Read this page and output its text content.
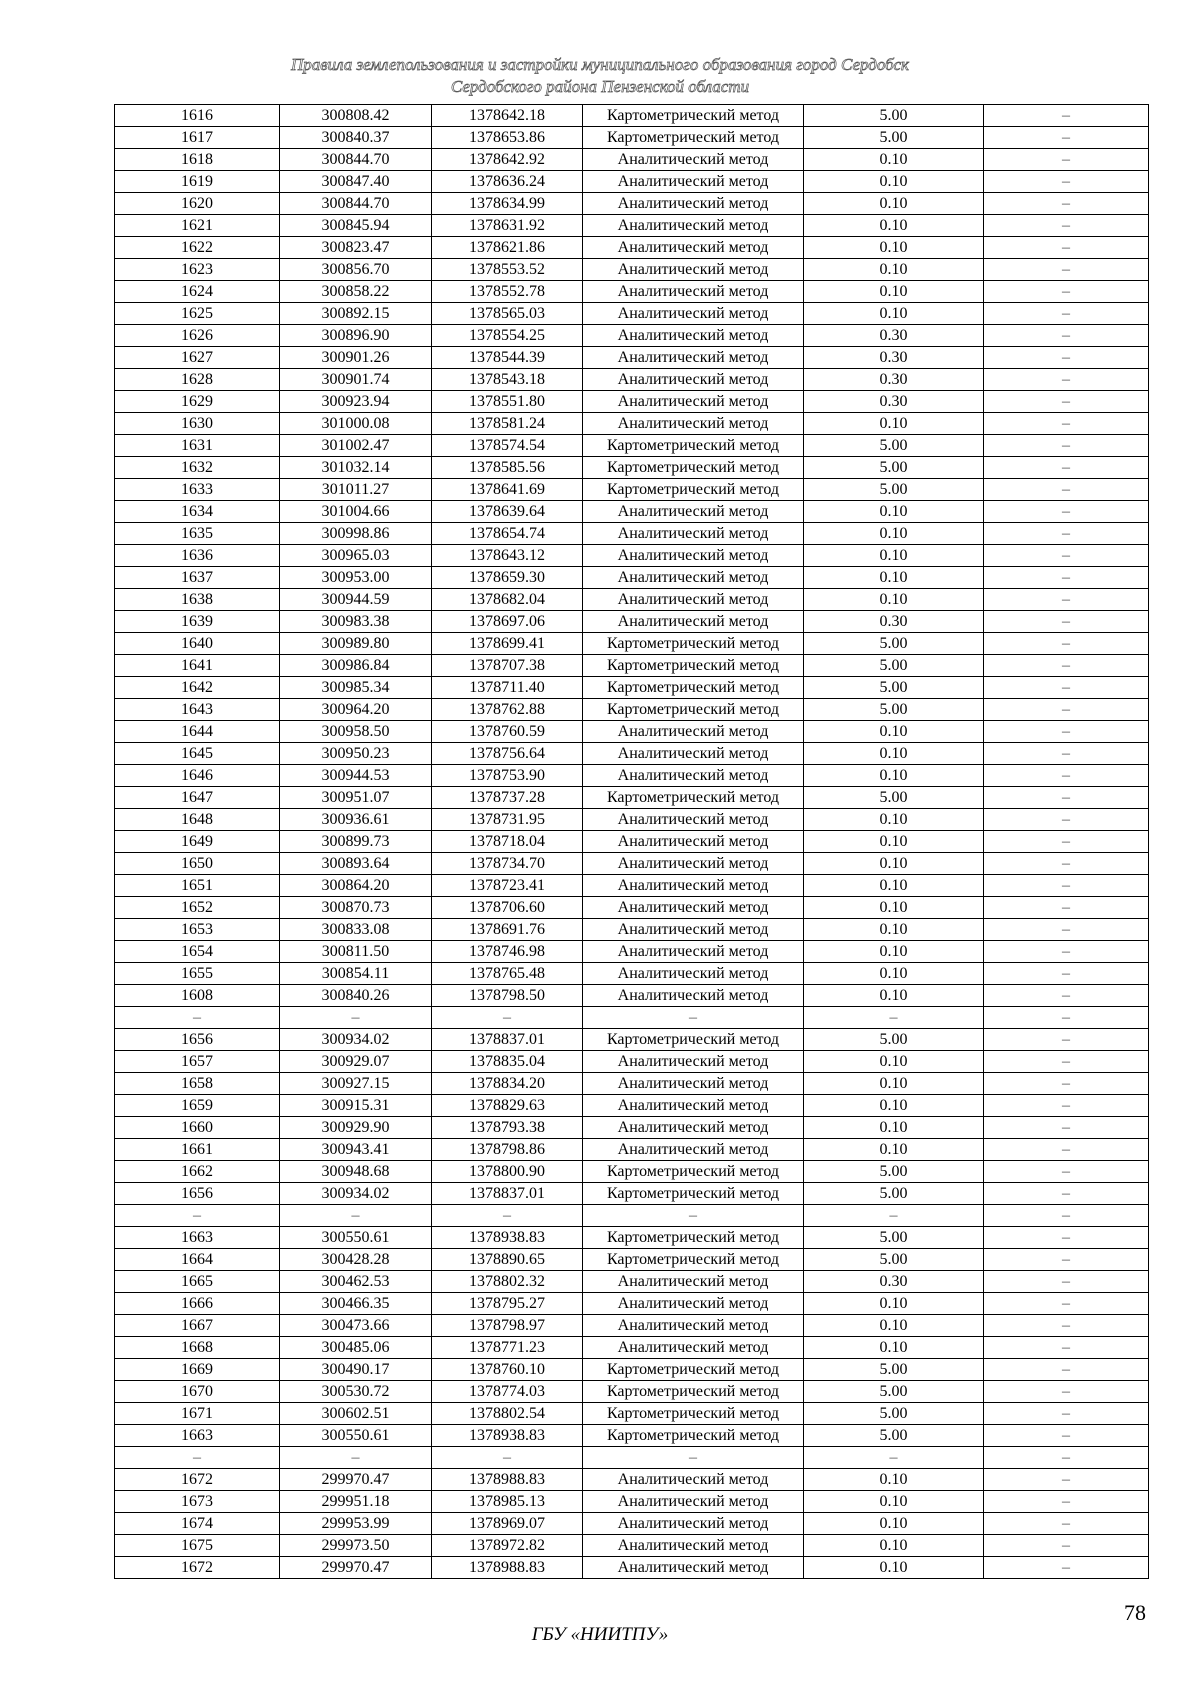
Правила землепользования и застройки муниципального образования город Сердобск
Сердобского района Пензенской области
1616	300808.42	1378642.18	Картометрический метод	5.00	–
1617	300840.37	1378653.86	Картометрический метод	5.00	–
1618	300844.70	1378642.92	Аналитический метод	0.10	–
1619	300847.40	1378636.24	Аналитический метод	0.10	–
1620	300844.70	1378634.99	Аналитический метод	0.10	–
1621	300845.94	1378631.92	Аналитический метод	0.10	–
1622	300823.47	1378621.86	Аналитический метод	0.10	–
1623	300856.70	1378553.52	Аналитический метод	0.10	–
1624	300858.22	1378552.78	Аналитический метод	0.10	–
1625	300892.15	1378565.03	Аналитический метод	0.10	–
1626	300896.90	1378554.25	Аналитический метод	0.30	–
1627	300901.26	1378544.39	Аналитический метод	0.30	–
1628	300901.74	1378543.18	Аналитический метод	0.30	–
1629	300923.94	1378551.80	Аналитический метод	0.30	–
1630	301000.08	1378581.24	Аналитический метод	0.10	–
1631	301002.47	1378574.54	Картометрический метод	5.00	–
1632	301032.14	1378585.56	Картометрический метод	5.00	–
1633	301011.27	1378641.69	Картометрический метод	5.00	–
1634	301004.66	1378639.64	Аналитический метод	0.10	–
1635	300998.86	1378654.74	Аналитический метод	0.10	–
1636	300965.03	1378643.12	Аналитический метод	0.10	–
1637	300953.00	1378659.30	Аналитический метод	0.10	–
1638	300944.59	1378682.04	Аналитический метод	0.10	–
1639	300983.38	1378697.06	Аналитический метод	0.30	–
1640	300989.80	1378699.41	Картометрический метод	5.00	–
1641	300986.84	1378707.38	Картометрический метод	5.00	–
1642	300985.34	1378711.40	Картометрический метод	5.00	–
1643	300964.20	1378762.88	Картометрический метод	5.00	–
1644	300958.50	1378760.59	Аналитический метод	0.10	–
1645	300950.23	1378756.64	Аналитический метод	0.10	–
1646	300944.53	1378753.90	Аналитический метод	0.10	–
1647	300951.07	1378737.28	Картометрический метод	5.00	–
1648	300936.61	1378731.95	Аналитический метод	0.10	–
1649	300899.73	1378718.04	Аналитический метод	0.10	–
1650	300893.64	1378734.70	Аналитический метод	0.10	–
1651	300864.20	1378723.41	Аналитический метод	0.10	–
1652	300870.73	1378706.60	Аналитический метод	0.10	–
1653	300833.08	1378691.76	Аналитический метод	0.10	–
1654	300811.50	1378746.98	Аналитический метод	0.10	–
1655	300854.11	1378765.48	Аналитический метод	0.10	–
1608	300840.26	1378798.50	Аналитический метод	0.10	–
–	–	–	–	–	–
1656	300934.02	1378837.01	Картометрический метод	5.00	–
1657	300929.07	1378835.04	Аналитический метод	0.10	–
1658	300927.15	1378834.20	Аналитический метод	0.10	–
1659	300915.31	1378829.63	Аналитический метод	0.10	–
1660	300929.90	1378793.38	Аналитический метод	0.10	–
1661	300943.41	1378798.86	Аналитический метод	0.10	–
1662	300948.68	1378800.90	Картометрический метод	5.00	–
1656	300934.02	1378837.01	Картометрический метод	5.00	–
–	–	–	–	–	–
1663	300550.61	1378938.83	Картометрический метод	5.00	–
1664	300428.28	1378890.65	Картометрический метод	5.00	–
1665	300462.53	1378802.32	Аналитический метод	0.30	–
1666	300466.35	1378795.27	Аналитический метод	0.10	–
1667	300473.66	1378798.97	Аналитический метод	0.10	–
1668	300485.06	1378771.23	Аналитический метод	0.10	–
1669	300490.17	1378760.10	Картометрический метод	5.00	–
1670	300530.72	1378774.03	Картометрический метод	5.00	–
1671	300602.51	1378802.54	Картометрический метод	5.00	–
1663	300550.61	1378938.83	Картометрический метод	5.00	–
–	–	–	–	–	–
1672	299970.47	1378988.83	Аналитический метод	0.10	–
1673	299951.18	1378985.13	Аналитический метод	0.10	–
1674	299953.99	1378969.07	Аналитический метод	0.10	–
1675	299973.50	1378972.82	Аналитический метод	0.10	–
1672	299970.47	1378988.83	Аналитический метод	0.10	–
78
ГБУ «НИИТПУ»
